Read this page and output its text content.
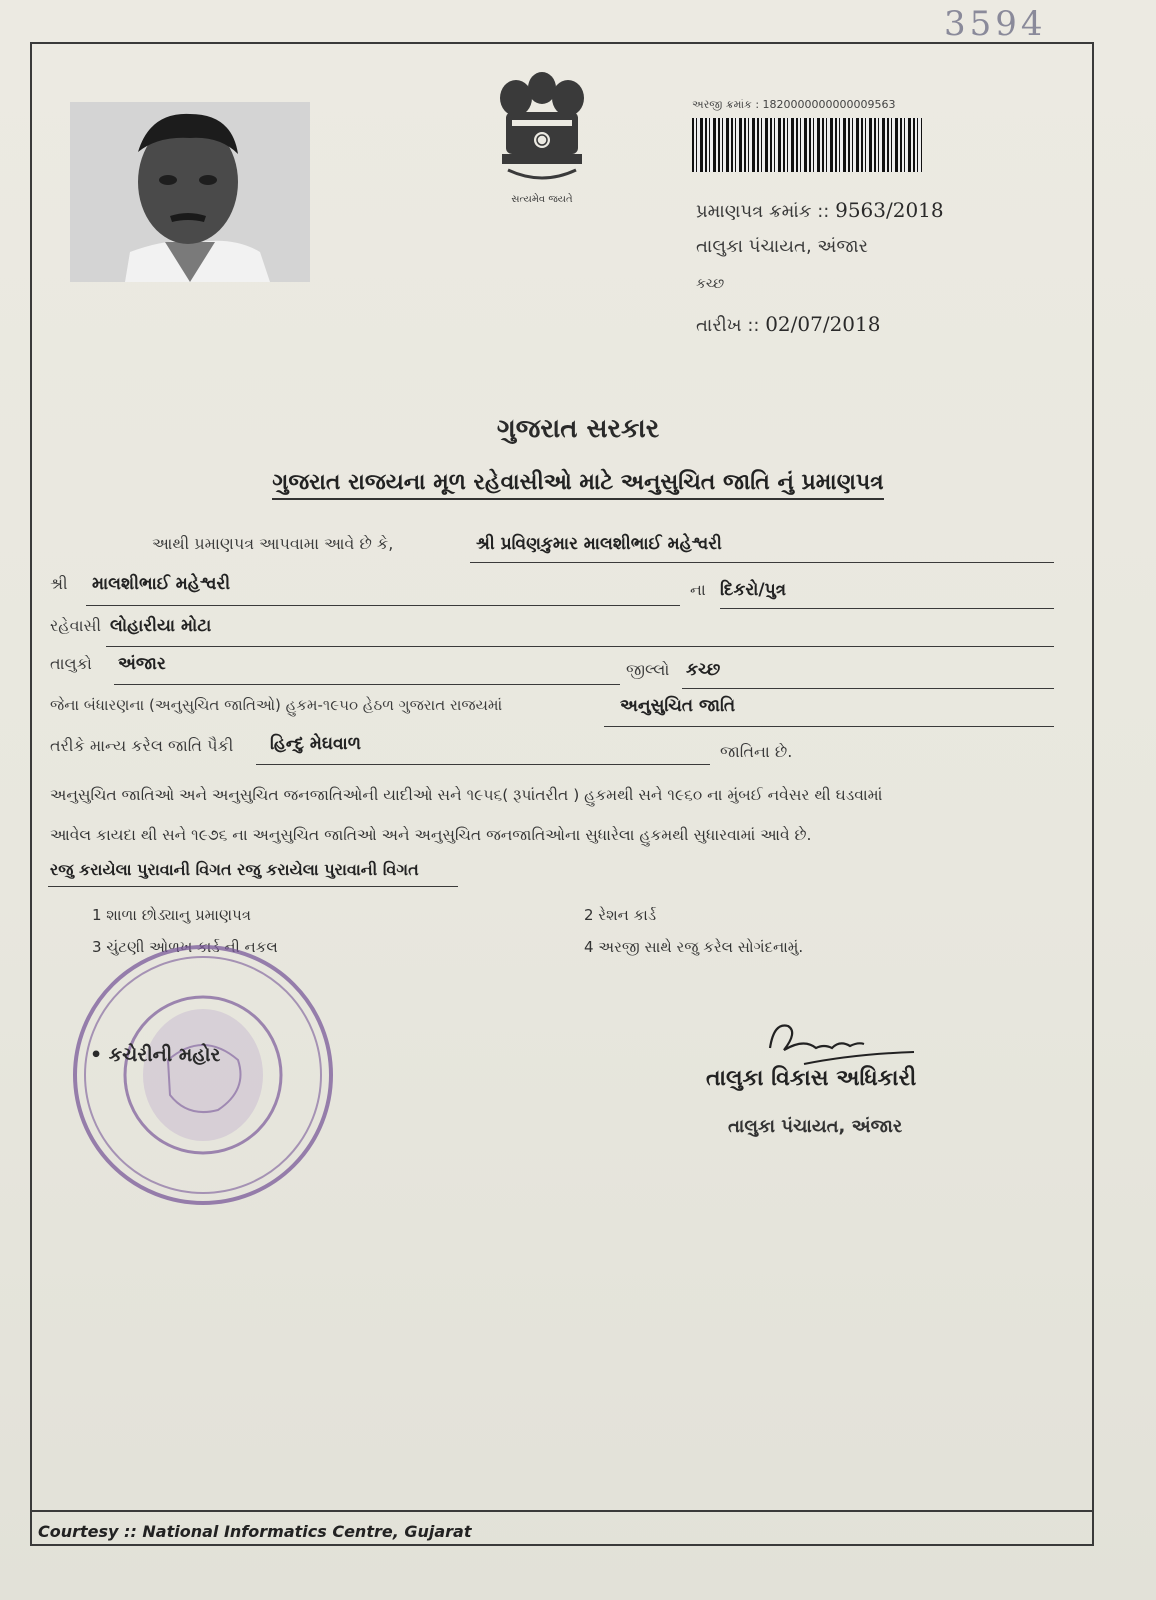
3594
સત્યમેવ જયતે
અરજી ક્રમાંક : 1820000000000009563
પ્રમાણપત્ર ક્રમાંક :: 9563/2018
તાલુકા પંચાયત, અંજાર
કચ્છ
તારીખ :: 02/07/2018
ગુજરાત સરકાર
ગુજરાત રાજયના મૂળ રહેવાસીઓ માટે અનુસુચિત જાતિ નું પ્રમાણપત્ર
આથી પ્રમાણપત્ર આપવામા આવે છે કે,	શ્રી પ્રવિણકુમાર માલશીભાઈ મહેશ્વરી
શ્રી માલશીભાઈ મહેશ્વરી	ના દિકરો/પુત્ર
રહેવાસી લોહારીયા મોટા
તાલુકો અંજાર	જીલ્લો કચ્છ
જેના બંધારણના (અનુસુચિત જાતિઓ) હુકમ-૧૯૫૦ હેઠળ ગુજરાત રાજયમાં	અનુસુચિત જાતિ
તરીકે માન્ય કરેલ જાતિ પૈકી હિન્દુ મેઘવાળ	જાતિના છે.
અનુસુચિત જાતિઓ અને અનુસુચિત જનજાતિઓની યાદીઓ સને ૧૯૫૬( રૂપાંતરીત ) હુકમથી સને ૧૯૬૦ ના મુંબઈ નવેસર થી ઘડવામાં
આવેલ કાયદા થી સને ૧૯૭૬ ના અનુસુચિત જાતિઓ અને અનુસુચિત જનજાતિઓના સુધારેલા હુકમથી સુધારવામાં આવે છે.
રજુ કરાયેલા પુરાવાની વિગત રજુ કરાયેલા પુરાવાની વિગત
1 શાળા છોડ્યાનુ પ્રમાણપત્ર	2 રેશન કાર્ડ
3 ચુંટણી ઓળખ કાર્ડ ની નકલ	4 અરજી સાથે રજુ કરેલ સોગંદનામું.
• કચેરીની મહોર
તાલુકા વિકાસ અધિકારી
તાલુકા પંચાયત, અંજાર
Courtesy :: National Informatics Centre, Gujarat
